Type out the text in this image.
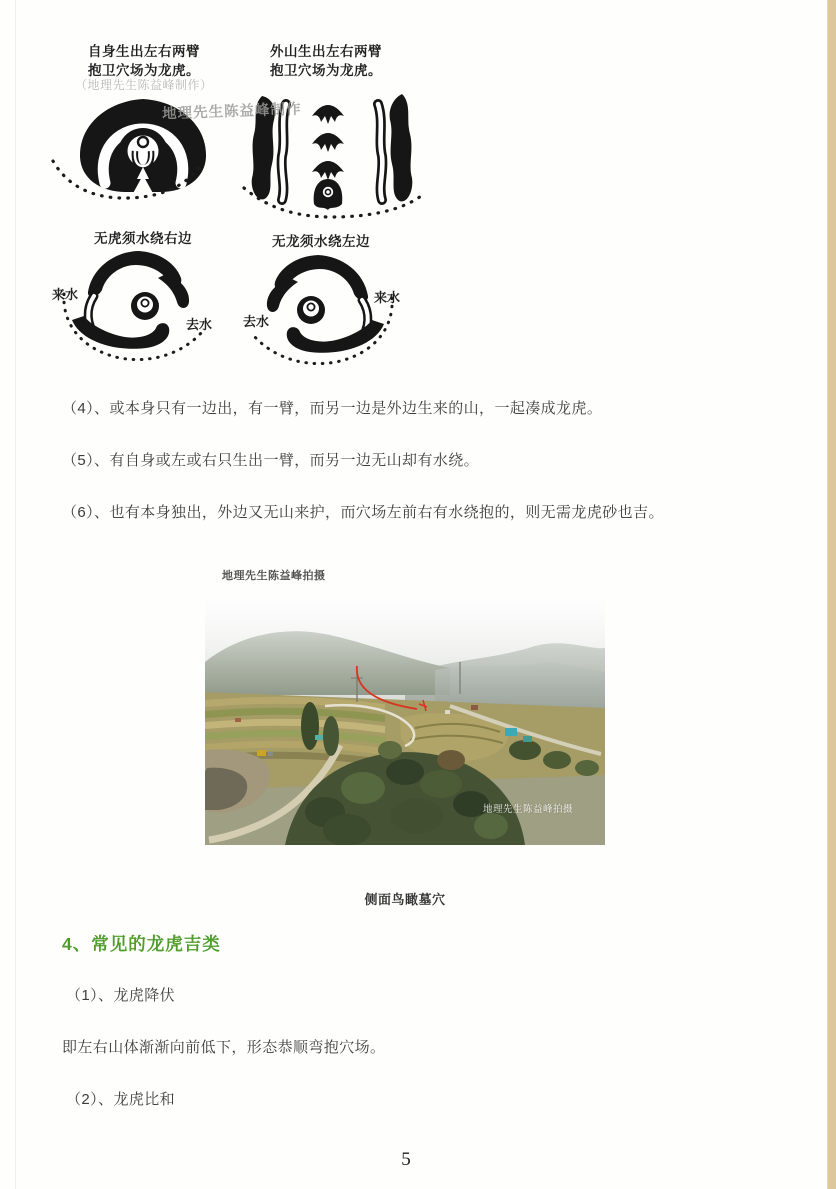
自身生出左右两臂
抱卫穴场为龙虎。
（地理先生陈益峰制作）
地理先生陈益峰制作
外山生出左右两臂
抱卫穴场为龙虎。
无虎须水绕右边	无龙须水绕左边
来水
去水 去水
来水
（4）、或本身只有一边出，有一臂，而另一边是外边生来的山，一起凑成龙虎。
（5）、有自身或左或右只生出一臂，而另一边无山却有水绕。
（6）、也有本身独出，外边又无山来护，而穴场左前右有水绕抱的，则无需龙虎砂也吉。
地理先生陈益峰拍摄
地理先生陈益峰拍摄
侧面鸟瞰墓穴
4、常见的龙虎吉类
（1）、龙虎降伏
即左右山体渐渐向前低下，形态恭顺弯抱穴场。
（2）、龙虎比和
5
